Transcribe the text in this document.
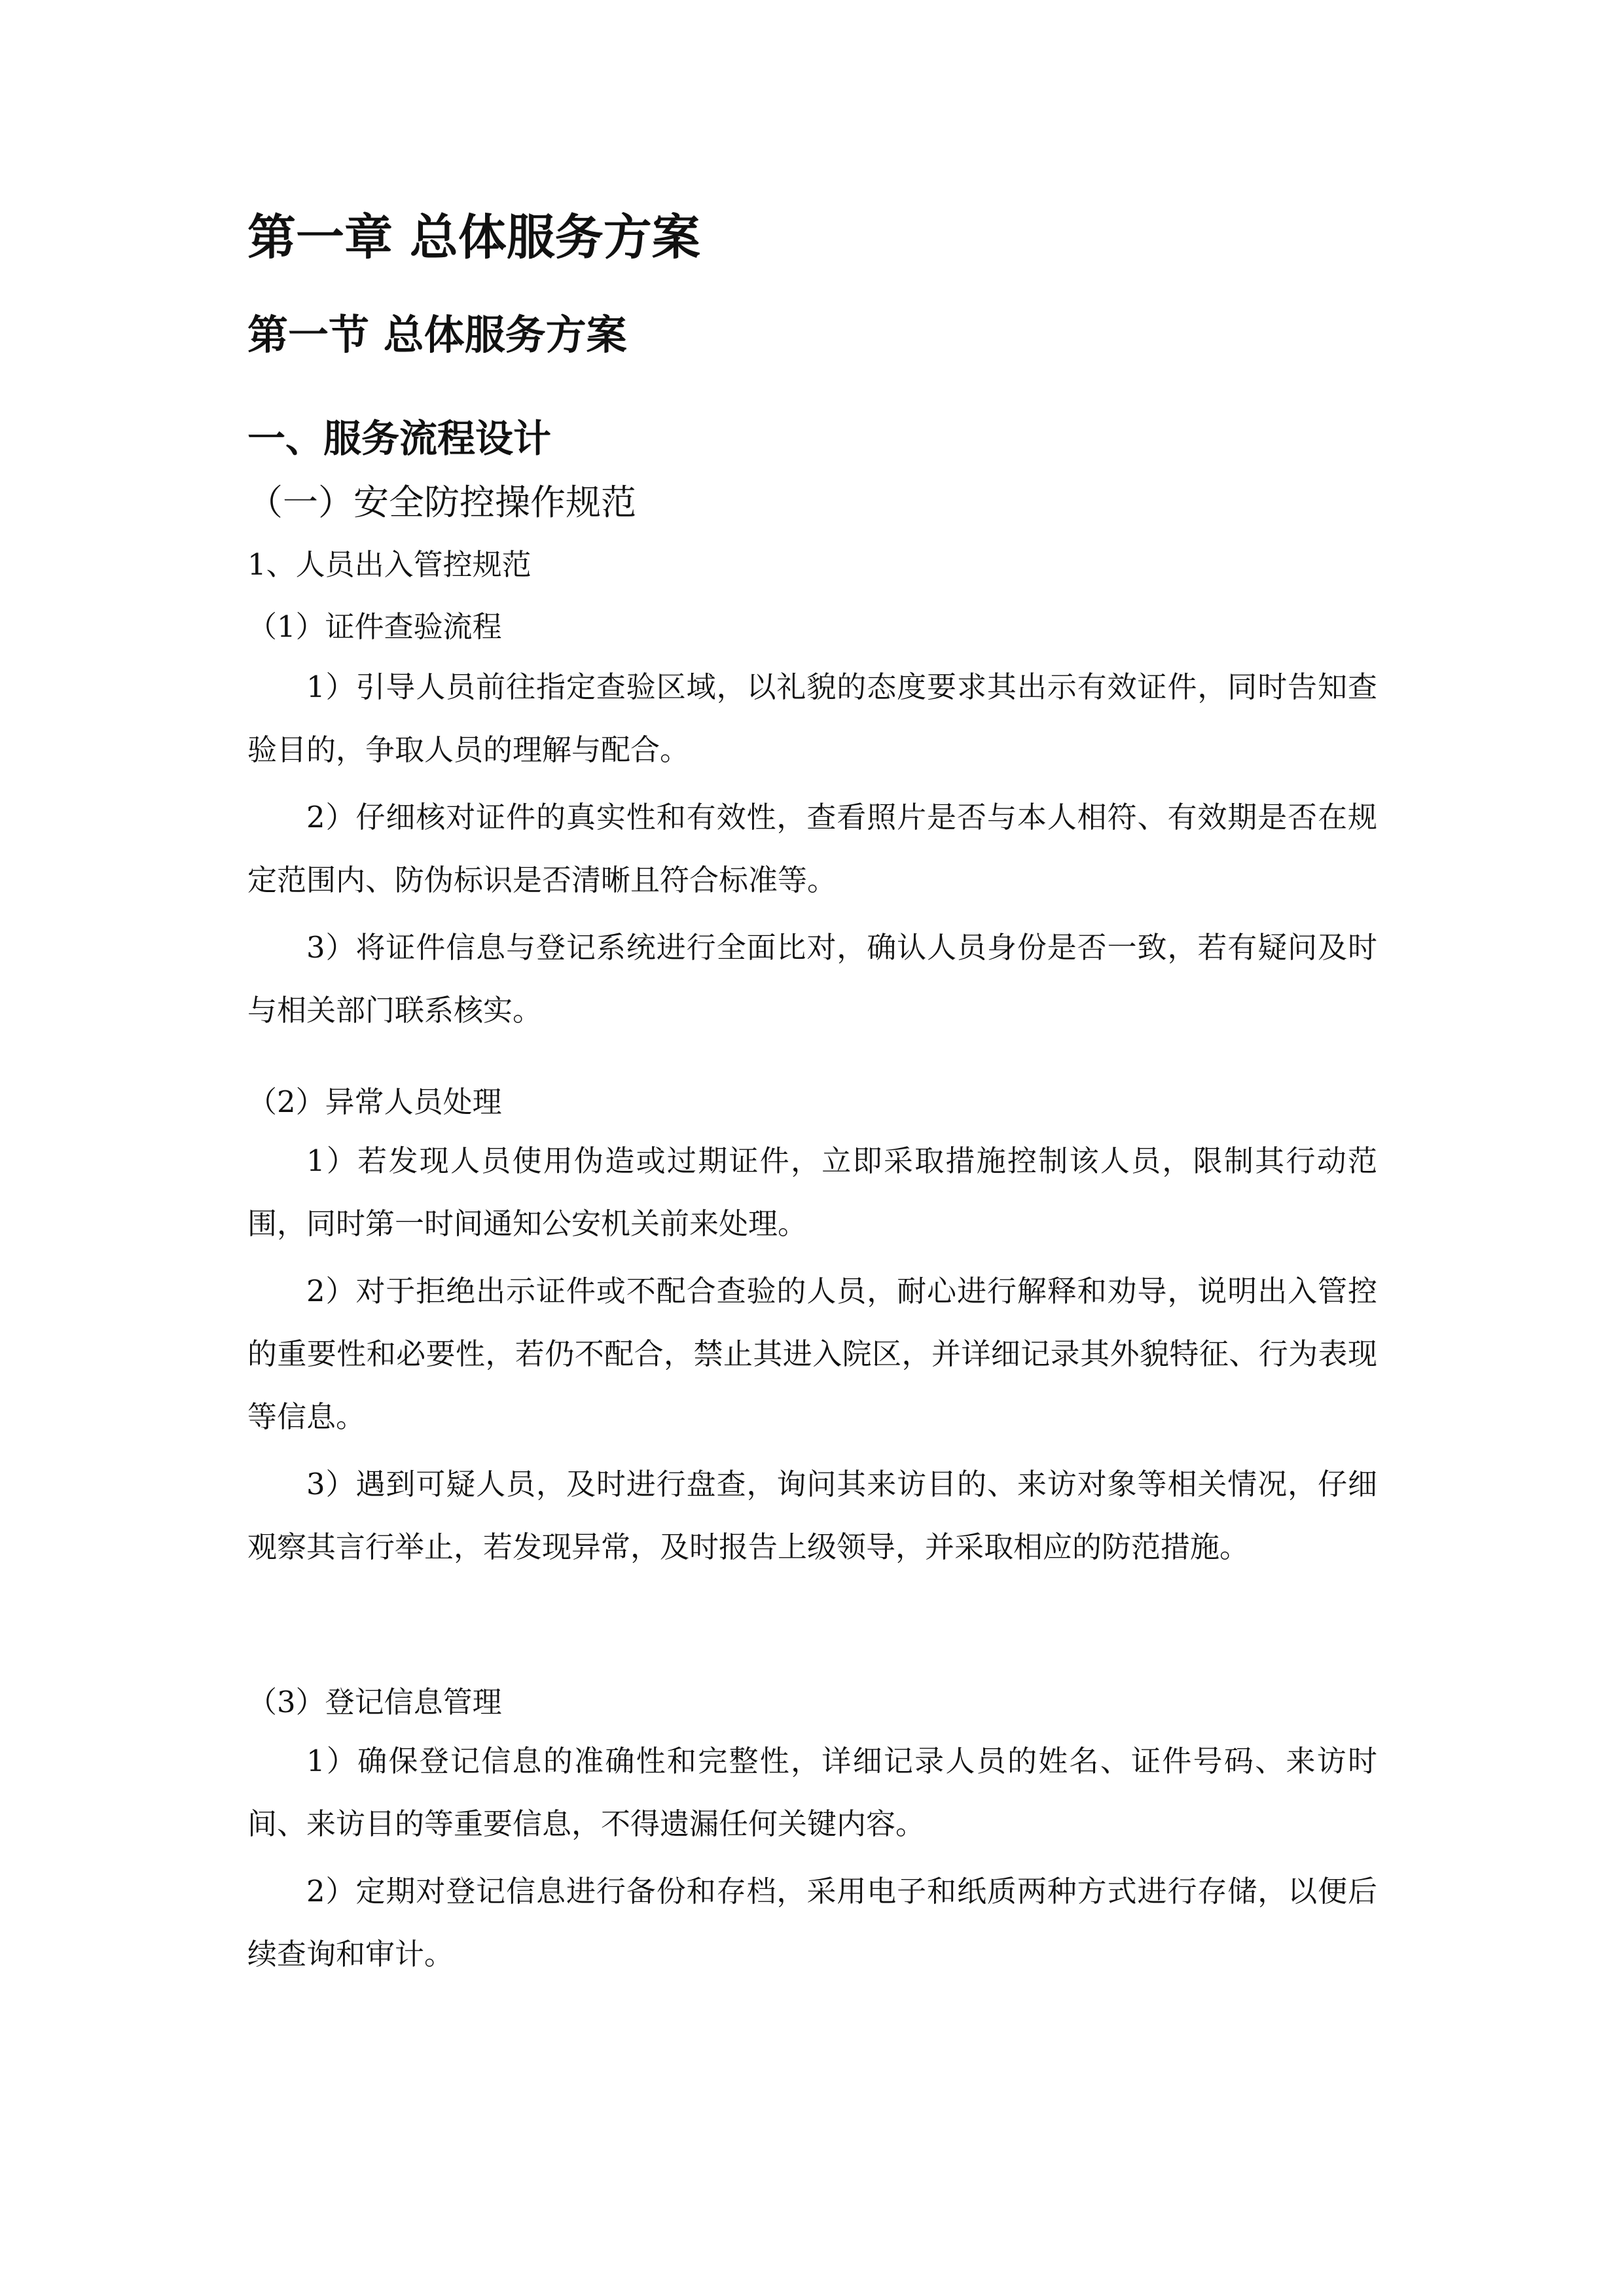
第一章 总体服务方案
第一节 总体服务方案
一、服务流程设计
（一）安全防控操作规范
1、人员出入管控规范
（1）证件查验流程

1）引导人员前往指定查验区域，以礼貌的态度要求其出示有效证件，同时告知查验目的，争取人员的理解与配合。

2）仔细核对证件的真实性和有效性，查看照片是否与本人相符、有效期是否在规定范围内、防伪标识是否清晰且符合标准等。

3）将证件信息与登记系统进行全面比对，确认人员身份是否一致，若有疑问及时与相关部门联系核实。

（2）异常人员处理

1）若发现人员使用伪造或过期证件，立即采取措施控制该人员，限制其行动范围，同时第一时间通知公安机关前来处理。

2）对于拒绝出示证件或不配合查验的人员，耐心进行解释和劝导，说明出入管控的重要性和必要性，若仍不配合，禁止其进入院区，并详细记录其外貌特征、行为表现等信息。

3）遇到可疑人员，及时进行盘查，询问其来访目的、来访对象等相关情况，仔细观察其言行举止，若发现异常，及时报告上级领导，并采取相应的防范措施。

（3）登记信息管理

1）确保登记信息的准确性和完整性，详细记录人员的姓名、证件号码、来访时间、来访目的等重要信息，不得遗漏任何关键内容。

2）定期对登记信息进行备份和存档，采用电子和纸质两种方式进行存储，以便后续查询和审计。
